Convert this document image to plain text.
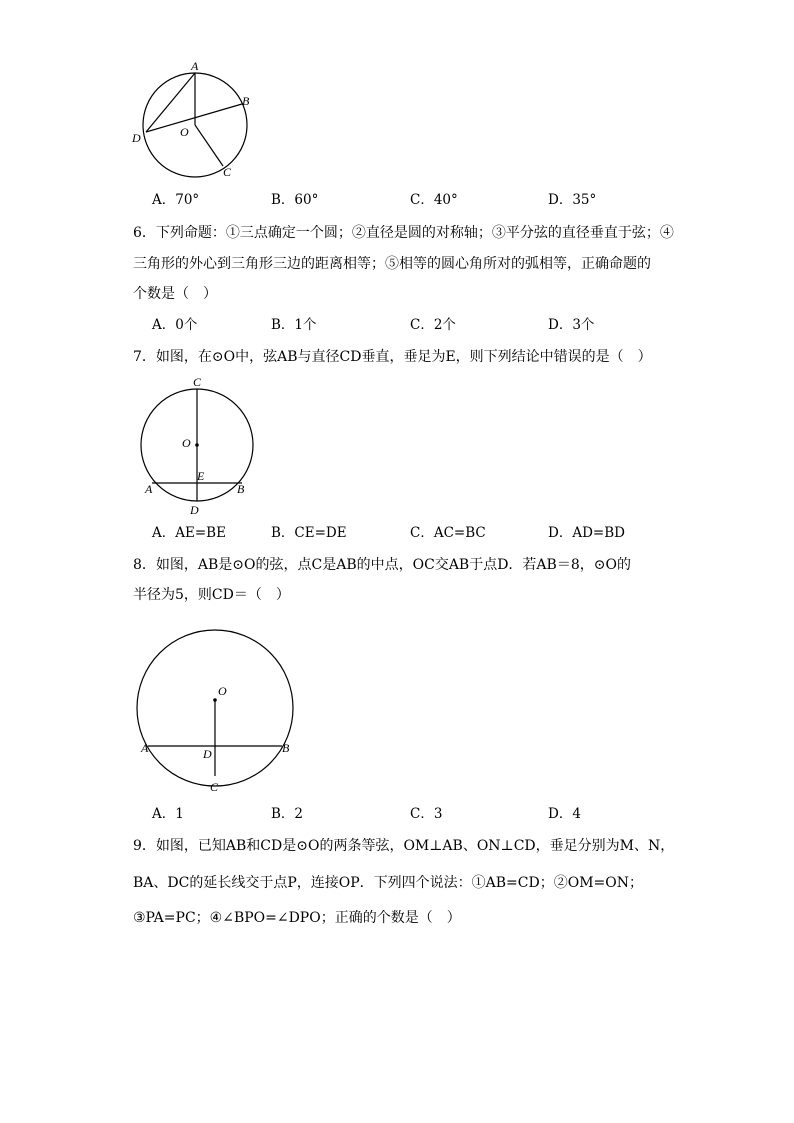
A
B
C
D	O
A．70°	B．60°	C．40°	D．35°
6．下列命题：①三点确定一个圆；②直径是圆的对称轴；③平分弦的直径垂直于弦；④
三角形的外心到三角形三边的距离相等；⑤相等的圆心角所对的弧相等，正确命题的
个数是（　）
A．0个	B．1个	C．2个	D．3个
7．如图，在⊙O中，弦AB与直径CD垂直，垂足为E，则下列结论中错误的是（　）
C
O
E
A	B
D
A．AE=BE	B．CE=DE	C．AC=BC	D．AD=BD
8．如图，AB是⊙O的弦，点C是AB的中点，OC交AB于点D．若AB＝8，⊙O的
半径为5，则CD＝（　）
O
A	B
D
C
A．1	B．2	C．3	D．4
9．如图，已知AB和CD是⊙O的两条等弦，OM⊥AB、ON⊥CD，垂足分别为M、N，
BA、DC的延长线交于点P，连接OP．下列四个说法：①AB=CD；②OM=ON；
③PA=PC；④∠BPO=∠DPO；正确的个数是（　）
